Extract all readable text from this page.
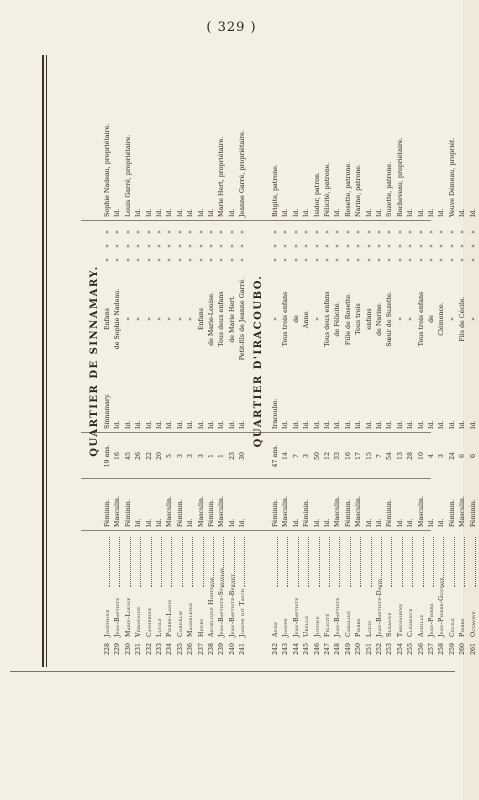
( 329 )
QUARTIER DE SINNAMARY.
228
Joséphine
Féminin.
19 ans.
Sinnamary.
Enfans
»
»
»
Sophie Nadeau, propriétaire.
229
Jean-Baptiste
Masculin.
16
Id.
de Sophie Nadeau.
»
»
»
Id.
230
Marie-Louise
Féminin.
45
Id.
»
»
»
»
Louis Garré, propriétaire.
231
Véronique
Id.
26
Id.
»
»
»
»
Id.
232
Catherine
Id.
22
Id.
»
»
»
»
Id.
233
Lucile
Id.
20
Id.
»
»
»
»
Id.
234
Pierre-Louis
Masculin.
5
Id.
»
»
»
»
Id.
235
Cornélie
Féminin.
3
Id.
»
»
»
»
Id.
236
Magdeleine
Id.
3
Id.
»
»
»
»
Id.
237
Henry
Masculin.
3
Id.
Enfans
»
»
»
Id.
238
Angélique Hortense
Féminin.
1
Id.
de Marie-Louise.
»
»
»
Id.
239
Jean-Baptiste-Stanislas
Masculin.
1
Id.
Tous deux enfans
»
»
»
Marie Hert, propriétaire.
240
Jean-Baptiste-Bennet
Id.
23
Id.
de Marie Hert.
»
»
»
Id.
241
Joseph dit Taych
Id.
30
Id.
Petit-fils de Jeanne Garré.
»
»
»
Jeanne Garré, propriétaire.
QUARTIER D'IRACOUBO.
242
Anne
Féminin.
47 ans.
Iracoubo.
»
»
»
»
Brigite, patrone.
243
Joseph
Masculin.
14
Id.
Tous trois enfans
»
»
»
Id.
244
Jean-Baptiste
Id.
7
Id.
de
»
»
»
Id.
245
Ursule
Féminin.
3
Id.
Anne.
»
»
»
Id.
246
Justine
Id.
50
Id.
»
»
»
»
Isidor, patron.
247
Félicité
Id.
12
Id.
Tous deux enfans
»
»
»
Félicité, patrone.
248
Jean-Baptiste
Masculin.
33
Id.
de Félicité.
»
»
»
Id.
249
Caroline
Féminin.
16
Id.
Fille de Rosette.
»
»
»
Rosette, patrone.
250
Pierre
Masculin.
17
Id.
Tous trois
»
»
»
Narine, patrone.
251
Louis
Id.
15
Id.
enfans
»
»
»
Id.
252
Jean-Baptiste-David
Id.
7
Id.
de Narine.
»
»
»
Id.
253
Suzanne
Féminin.
54
Id.
Sœur de Suzette.
»
»
»
Suzette, patrone.
254
Théodorine
Id.
13
Id.
»
»
»
»
Rocheveau, propriétaire.
255
Clémence
Id.
28
Id.
»
»
»
»
Id.
256
Achille
Masculin.
10
Id.
Tous trois enfans
»
»
»
Id.
257
Jean-Pierre
Id.
4
Id.
de
»
»
»
Id.
258
Jean-Pierre-Gustave
Id.
3
Id.
Clémence.
»
»
»
Id.
259
Cécile
Féminin.
24
Id.
»
»
»
»
Veuve Démeau, propriét.
260
Pierre
Masculin.
6
Id.
Fils de Cécile.
»
»
»
Id.
261
Octavine
Féminin.
6
Id.
»
»
»
»
Id.
